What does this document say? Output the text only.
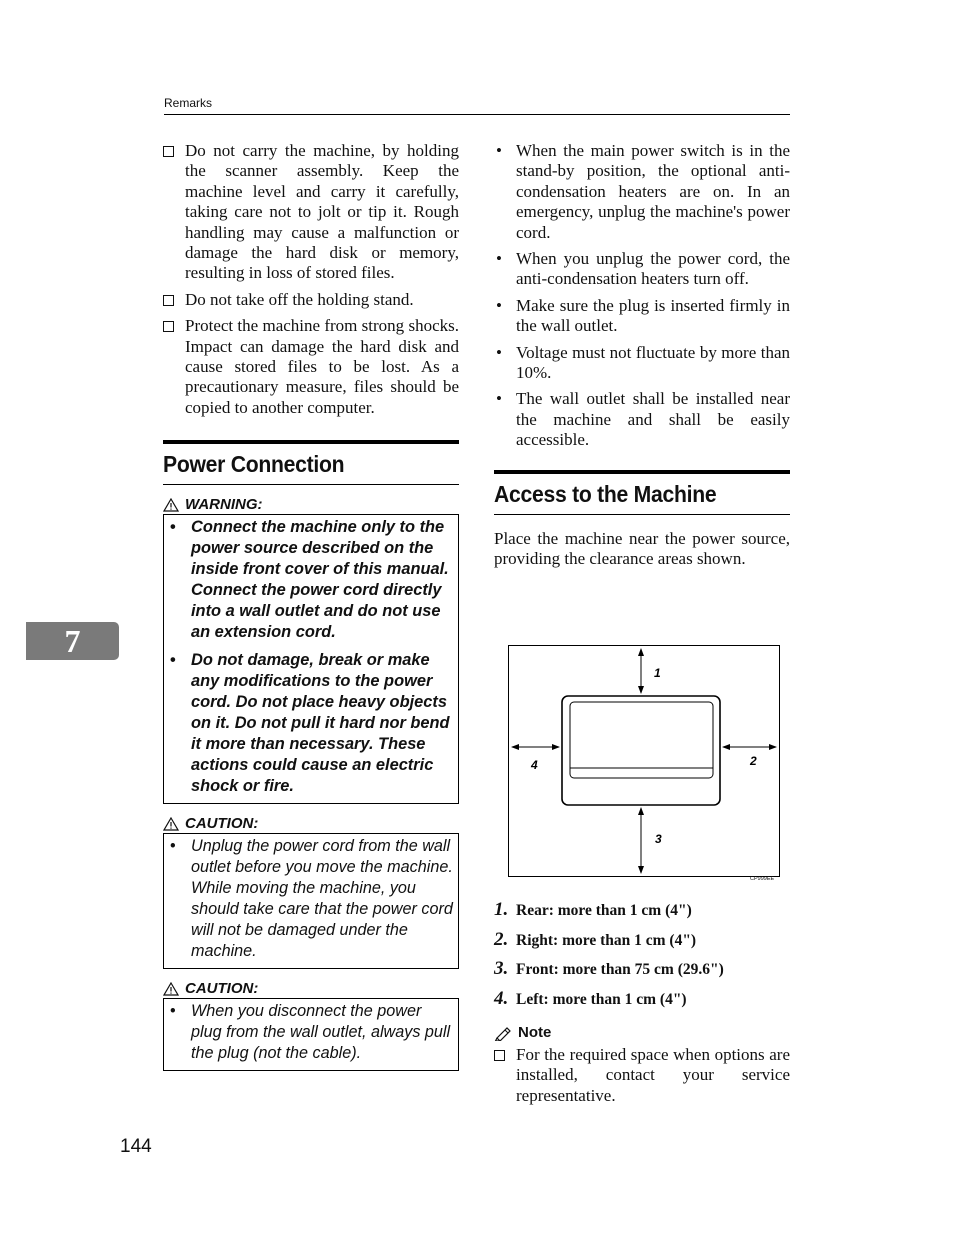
Remarks
7
Do not carry the machine, by holding the scanner assembly. Keep the machine level and carry it carefully, taking care not to jolt or tip it. Rough handling may cause a malfunction or damage the hard disk or memory, resulting in loss of stored files.
Do not take off the holding stand.
Protect the machine from strong shocks. Impact can damage the hard disk and cause stored files to be lost. As a precautionary measure, files should be copied to another computer.
Power Connection
WARNING:
• Connect the machine only to the power source described on the inside front cover of this manual. Connect the power cord directly into a wall outlet and do not use an extension cord.
• Do not damage, break or make any modifications to the power cord. Do not place heavy objects on it. Do not pull it hard nor bend it more than necessary. These actions could cause an electric shock or fire.
CAUTION:
• Unplug the power cord from the wall outlet before you move the machine. While moving the machine, you should take care that the power cord will not be damaged under the machine.
CAUTION:
• When you disconnect the power plug from the wall outlet, always pull the plug (not the cable).
• When the main power switch is in the stand-by position, the optional anti-condensation heaters are on. In an emergency, unplug the machine's power cord.
• When you unplug the power cord, the anti-condensation heaters turn off.
• Make sure the plug is inserted firmly in the wall outlet.
• Voltage must not fluctuate by more than 10%.
• The wall outlet shall be installed near the machine and shall be easily accessible.
Access to the Machine
Place the machine near the power source, providing the clearance areas shown.
1
2
3
4
CP999EE
1. Rear: more than 1 cm (4")
2. Right: more than 1 cm (4")
3. Front: more than 75 cm (29.6")
4. Left: more than 1 cm (4")
Note
For the required space when options are installed, contact your service representative.
144
